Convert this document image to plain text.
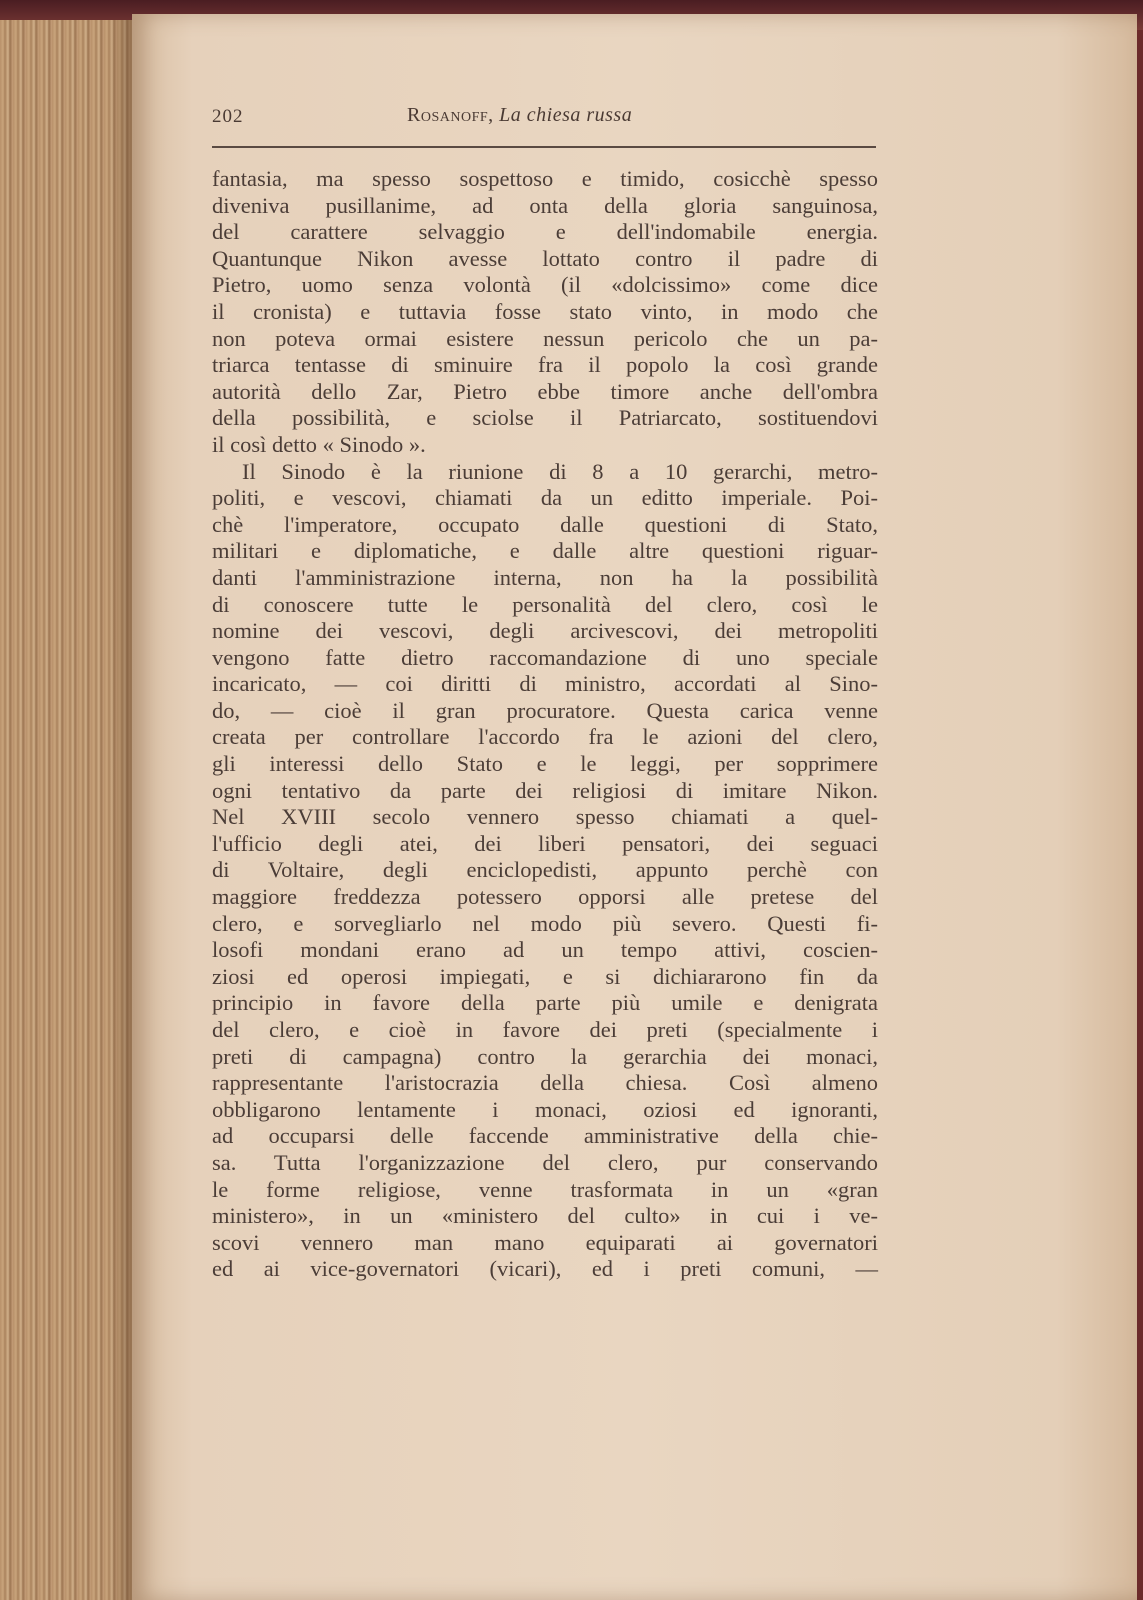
202	Rosanoff, La chiesa russa
fantasia, ma spesso sospettoso e timido, cosicchè spesso
diveniva pusillanime, ad onta della gloria sanguinosa,
del carattere selvaggio e dell'indomabile energia.
Quantunque Nikon avesse lottato contro il padre di
Pietro, uomo senza volontà (il «dolcissimo» come dice
il cronista) e tuttavia fosse stato vinto, in modo che
non poteva ormai esistere nessun pericolo che un pa-
triarca tentasse di sminuire fra il popolo la così grande
autorità dello Zar, Pietro ebbe timore anche dell'ombra
della possibilità, e sciolse il Patriarcato, sostituendovi
il così detto « Sinodo ».
Il Sinodo è la riunione di 8 a 10 gerarchi, metro-
politi, e vescovi, chiamati da un editto imperiale. Poi-
chè l'imperatore, occupato dalle questioni di Stato,
militari e diplomatiche, e dalle altre questioni riguar-
danti l'amministrazione interna, non ha la possibilità
di conoscere tutte le personalità del clero, così le
nomine dei vescovi, degli arcivescovi, dei metropoliti
vengono fatte dietro raccomandazione di uno speciale
incaricato, — coi diritti di ministro, accordati al Sino-
do, — cioè il gran procuratore. Questa carica venne
creata per controllare l'accordo fra le azioni del clero,
gli interessi dello Stato e le leggi, per sopprimere
ogni tentativo da parte dei religiosi di imitare Nikon.
Nel XVIII secolo vennero spesso chiamati a quel-
l'ufficio degli atei, dei liberi pensatori, dei seguaci
di Voltaire, degli enciclopedisti, appunto perchè con
maggiore freddezza potessero opporsi alle pretese del
clero, e sorvegliarlo nel modo più severo. Questi fi-
losofi mondani erano ad un tempo attivi, coscien-
ziosi ed operosi impiegati, e si dichiararono fin da
principio in favore della parte più umile e denigrata
del clero, e cioè in favore dei preti (specialmente i
preti di campagna) contro la gerarchia dei monaci,
rappresentante l'aristocrazia della chiesa. Così almeno
obbligarono lentamente i monaci, oziosi ed ignoranti,
ad occuparsi delle faccende amministrative della chie-
sa. Tutta l'organizzazione del clero, pur conservando
le forme religiose, venne trasformata in un «gran
ministero», in un «ministero del culto» in cui i ve-
scovi vennero man mano equiparati ai governatori
ed ai vice-governatori (vicari), ed i preti comuni, —
